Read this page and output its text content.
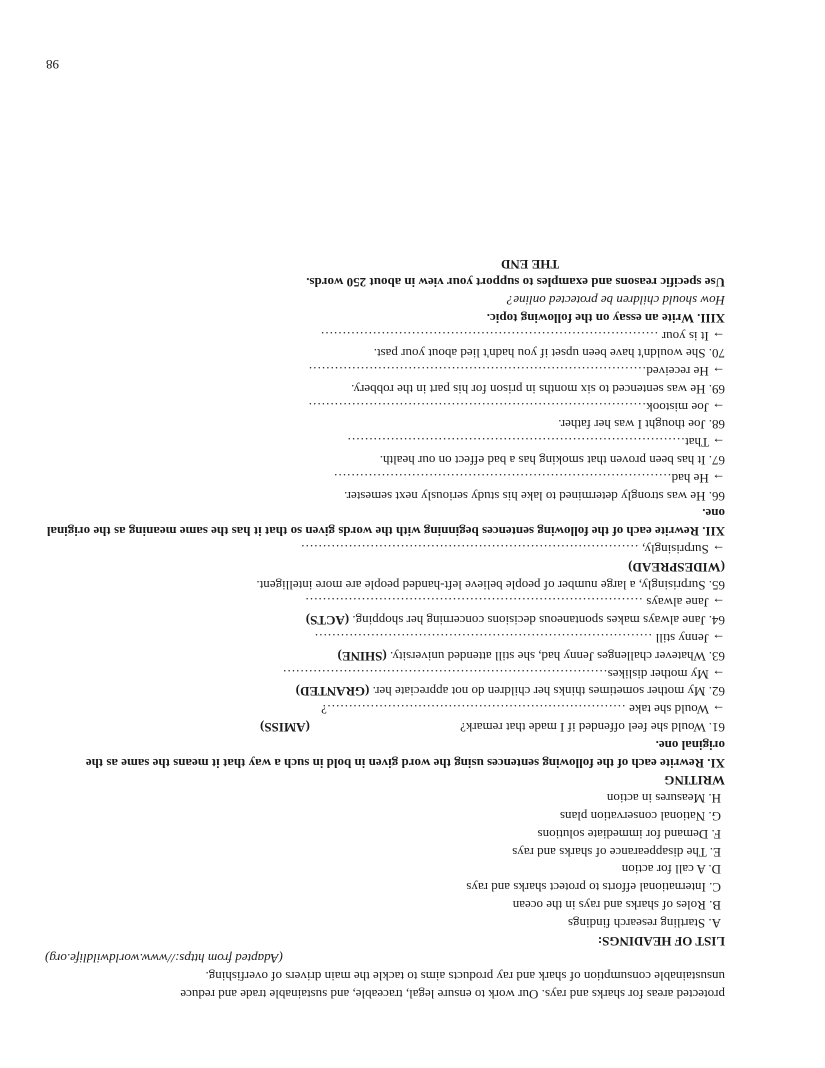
protected areas for sharks and rays. Our work to ensure legal, traceable, and sustainable trade and reduce
unsustainable consumption of shark and ray products aims to tackle the main drivers of overfishing.
(Adapted from https://www.worldwildlife.org)
LIST OF HEADINGS:
A. Startling research findings
B. Roles of sharks and rays in the ocean
C. International efforts to protect sharks and rays
D. A call for action
E. The disappearance of sharks and rays
F. Demand for immediate solutions
G. National conservation plans
H. Measures in action
WRITING
XI. Rewrite each of the following sentences using the word given in bold in such a way that it means the same as the original one.
61. Would she feel offended if I made that remark?
(AMISS)
→ Would she take ……………………………………………………………?
62. My mother sometimes thinks her children do not appreciate her. (GRANTED)
→ My mother dislikes…………………………………………………………………
63. Whatever challenges Jenny had, she still attended university. (SHINE)
→ Jenny still ……………………………………………………………………
64. Jane always makes spontaneous decisions concerning her shopping. (ACTS)
→ Jane always ……………………………………………………………………
65. Surprisingly, a large number of people believe left-handed people are more intelligent.
(WIDESPREAD)
→ Surprisingly, ……………………………………………………………………
XII. Rewrite each of the following sentences beginning with the words given so that it has the same meaning as the original one.
66. He was strongly determined to lake his study seriously next semester.
→ He had……………………………………………………………………
67. It has been proven that smoking has a bad effect on our health.
→ That……………………………………………………………………
68. Joe thought I was her father.
→ Joe mistook……………………………………………………………………
69. He was sentenced to six months in prison for his part in the robbery.
→ He received……………………………………………………………………
70. She wouldn't have been upset if you hadn't lied about your past.
→ It is your ……………………………………………………………………
XIII. Write an essay on the following topic.
How should children be protected online?
Use specific reasons and examples to support your view in about 250 words.
THE END
98
